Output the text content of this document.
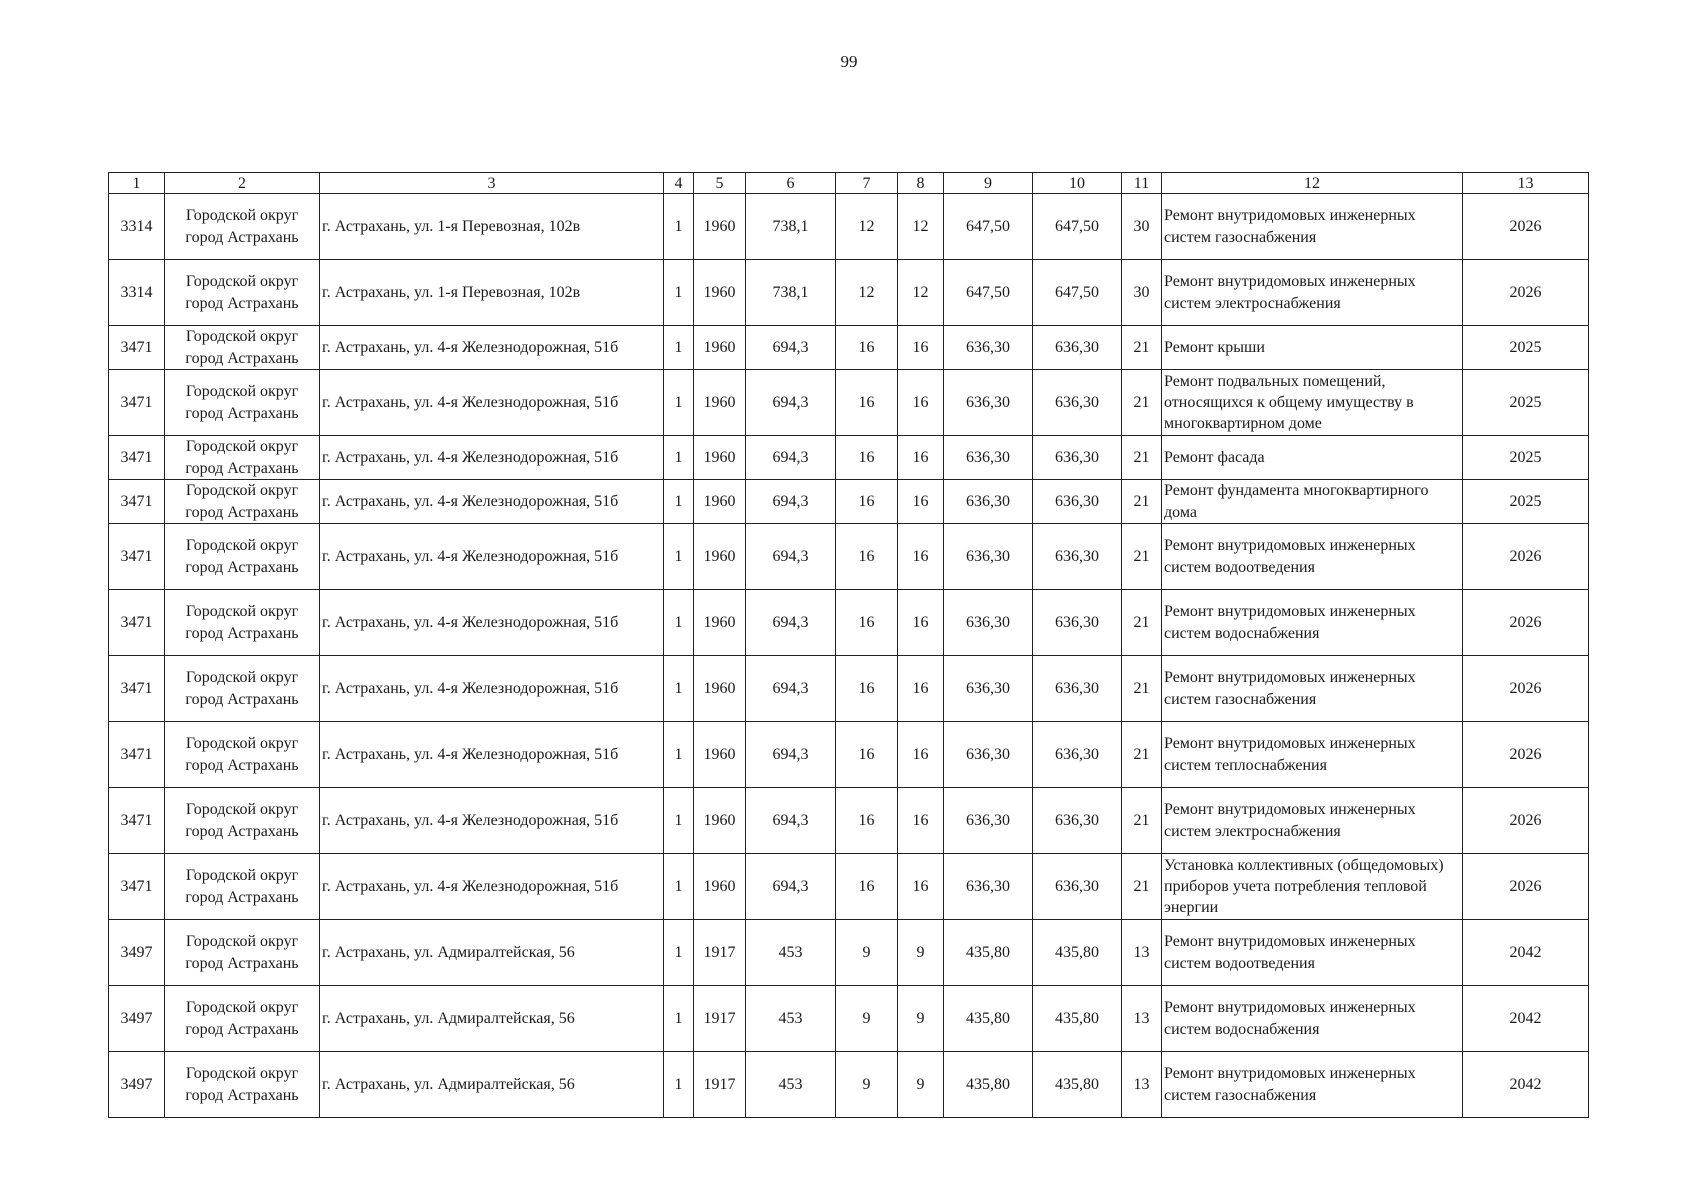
99
1	2	3	4	5	6	7	8	9	10	11	12	13
3314	Городской округ город Астрахань	г. Астрахань, ул. 1-я Перевозная, 102в	1	1960	738,1	12	12	647,50	647,50	30	Ремонт внутридомовых инженерных систем газоснабжения	2026
3314	Городской округ город Астрахань	г. Астрахань, ул. 1-я Перевозная, 102в	1	1960	738,1	12	12	647,50	647,50	30	Ремонт внутридомовых инженерных систем электроснабжения	2026
3471	Городской округ город Астрахань	г. Астрахань, ул. 4-я Железнодорожная, 51б	1	1960	694,3	16	16	636,30	636,30	21	Ремонт крыши	2025
3471	Городской округ город Астрахань	г. Астрахань, ул. 4-я Железнодорожная, 51б	1	1960	694,3	16	16	636,30	636,30	21	Ремонт подвальных помещений, относящихся к общему имуществу в многоквартирном доме	2025
3471	Городской округ город Астрахань	г. Астрахань, ул. 4-я Железнодорожная, 51б	1	1960	694,3	16	16	636,30	636,30	21	Ремонт фасада	2025
3471	Городской округ город Астрахань	г. Астрахань, ул. 4-я Железнодорожная, 51б	1	1960	694,3	16	16	636,30	636,30	21	Ремонт фундамента многоквартирного дома	2025
3471	Городской округ город Астрахань	г. Астрахань, ул. 4-я Железнодорожная, 51б	1	1960	694,3	16	16	636,30	636,30	21	Ремонт внутридомовых инженерных систем водоотведения	2026
3471	Городской округ город Астрахань	г. Астрахань, ул. 4-я Железнодорожная, 51б	1	1960	694,3	16	16	636,30	636,30	21	Ремонт внутридомовых инженерных систем водоснабжения	2026
3471	Городской округ город Астрахань	г. Астрахань, ул. 4-я Железнодорожная, 51б	1	1960	694,3	16	16	636,30	636,30	21	Ремонт внутридомовых инженерных систем газоснабжения	2026
3471	Городской округ город Астрахань	г. Астрахань, ул. 4-я Железнодорожная, 51б	1	1960	694,3	16	16	636,30	636,30	21	Ремонт внутридомовых инженерных систем теплоснабжения	2026
3471	Городской округ город Астрахань	г. Астрахань, ул. 4-я Железнодорожная, 51б	1	1960	694,3	16	16	636,30	636,30	21	Ремонт внутридомовых инженерных систем электроснабжения	2026
3471	Городской округ город Астрахань	г. Астрахань, ул. 4-я Железнодорожная, 51б	1	1960	694,3	16	16	636,30	636,30	21	Установка коллективных (общедомовых) приборов учета потребления тепловой энергии	2026
3497	Городской округ город Астрахань	г. Астрахань, ул. Адмиралтейская, 56	1	1917	453	9	9	435,80	435,80	13	Ремонт внутридомовых инженерных систем водоотведения	2042
3497	Городской округ город Астрахань	г. Астрахань, ул. Адмиралтейская, 56	1	1917	453	9	9	435,80	435,80	13	Ремонт внутридомовых инженерных систем водоснабжения	2042
3497	Городской округ город Астрахань	г. Астрахань, ул. Адмиралтейская, 56	1	1917	453	9	9	435,80	435,80	13	Ремонт внутридомовых инженерных систем газоснабжения	2042
